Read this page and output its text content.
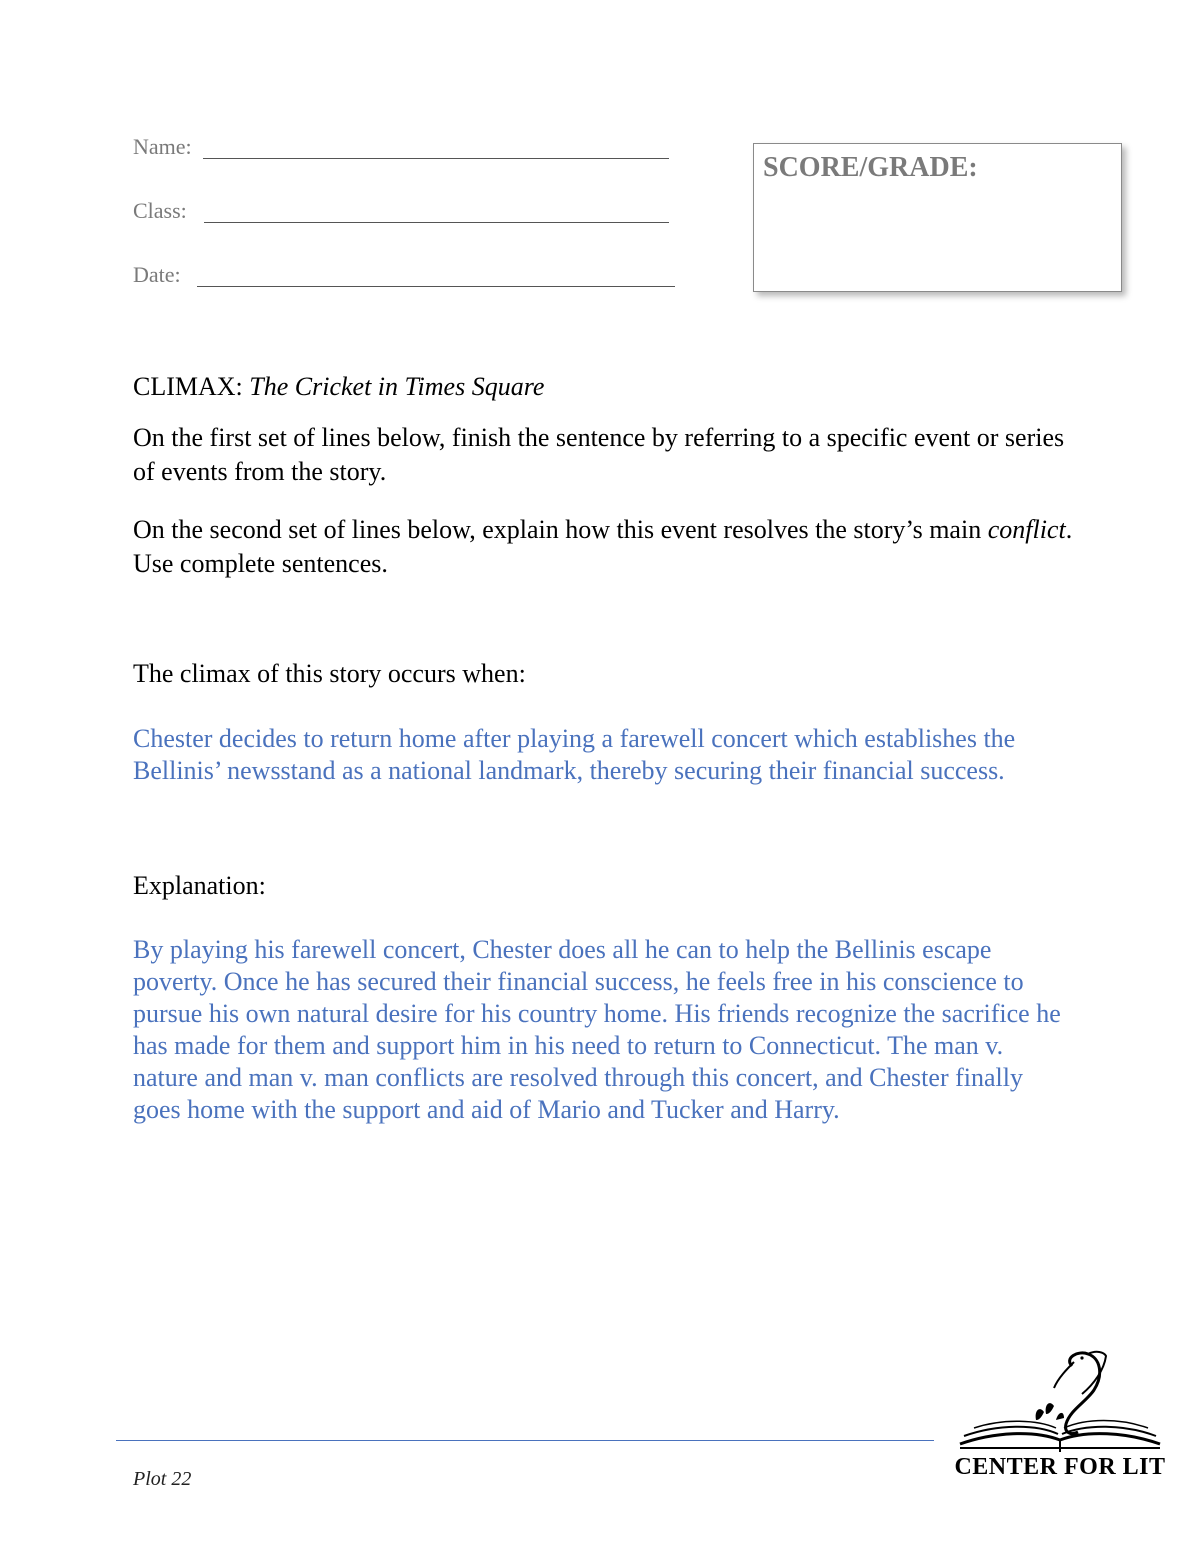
Name:
Class:
Date:
SCORE/GRADE:
CLIMAX: The Cricket in Times Square
On the first set of lines below, finish the sentence by referring to a specific event or series of events from the story.
On the second set of lines below, explain how this event resolves the story’s main conflict. Use complete sentences.
The climax of this story occurs when:
Chester decides to return home after playing a farewell concert which establishes the Bellinis’ newsstand as a national landmark, thereby securing their financial success.
Explanation:
By playing his farewell concert, Chester does all he can to help the Bellinis escape poverty. Once he has secured their financial success, he feels free in his conscience to pursue his own natural desire for his country home. His friends recognize the sacrifice he has made for them and support him in his need to return to Connecticut. The man v. nature and man v. man conflicts are resolved through this concert, and Chester finally goes home with the support and aid of Mario and Tucker and Harry.
Plot 22	CENTER FOR LIT
